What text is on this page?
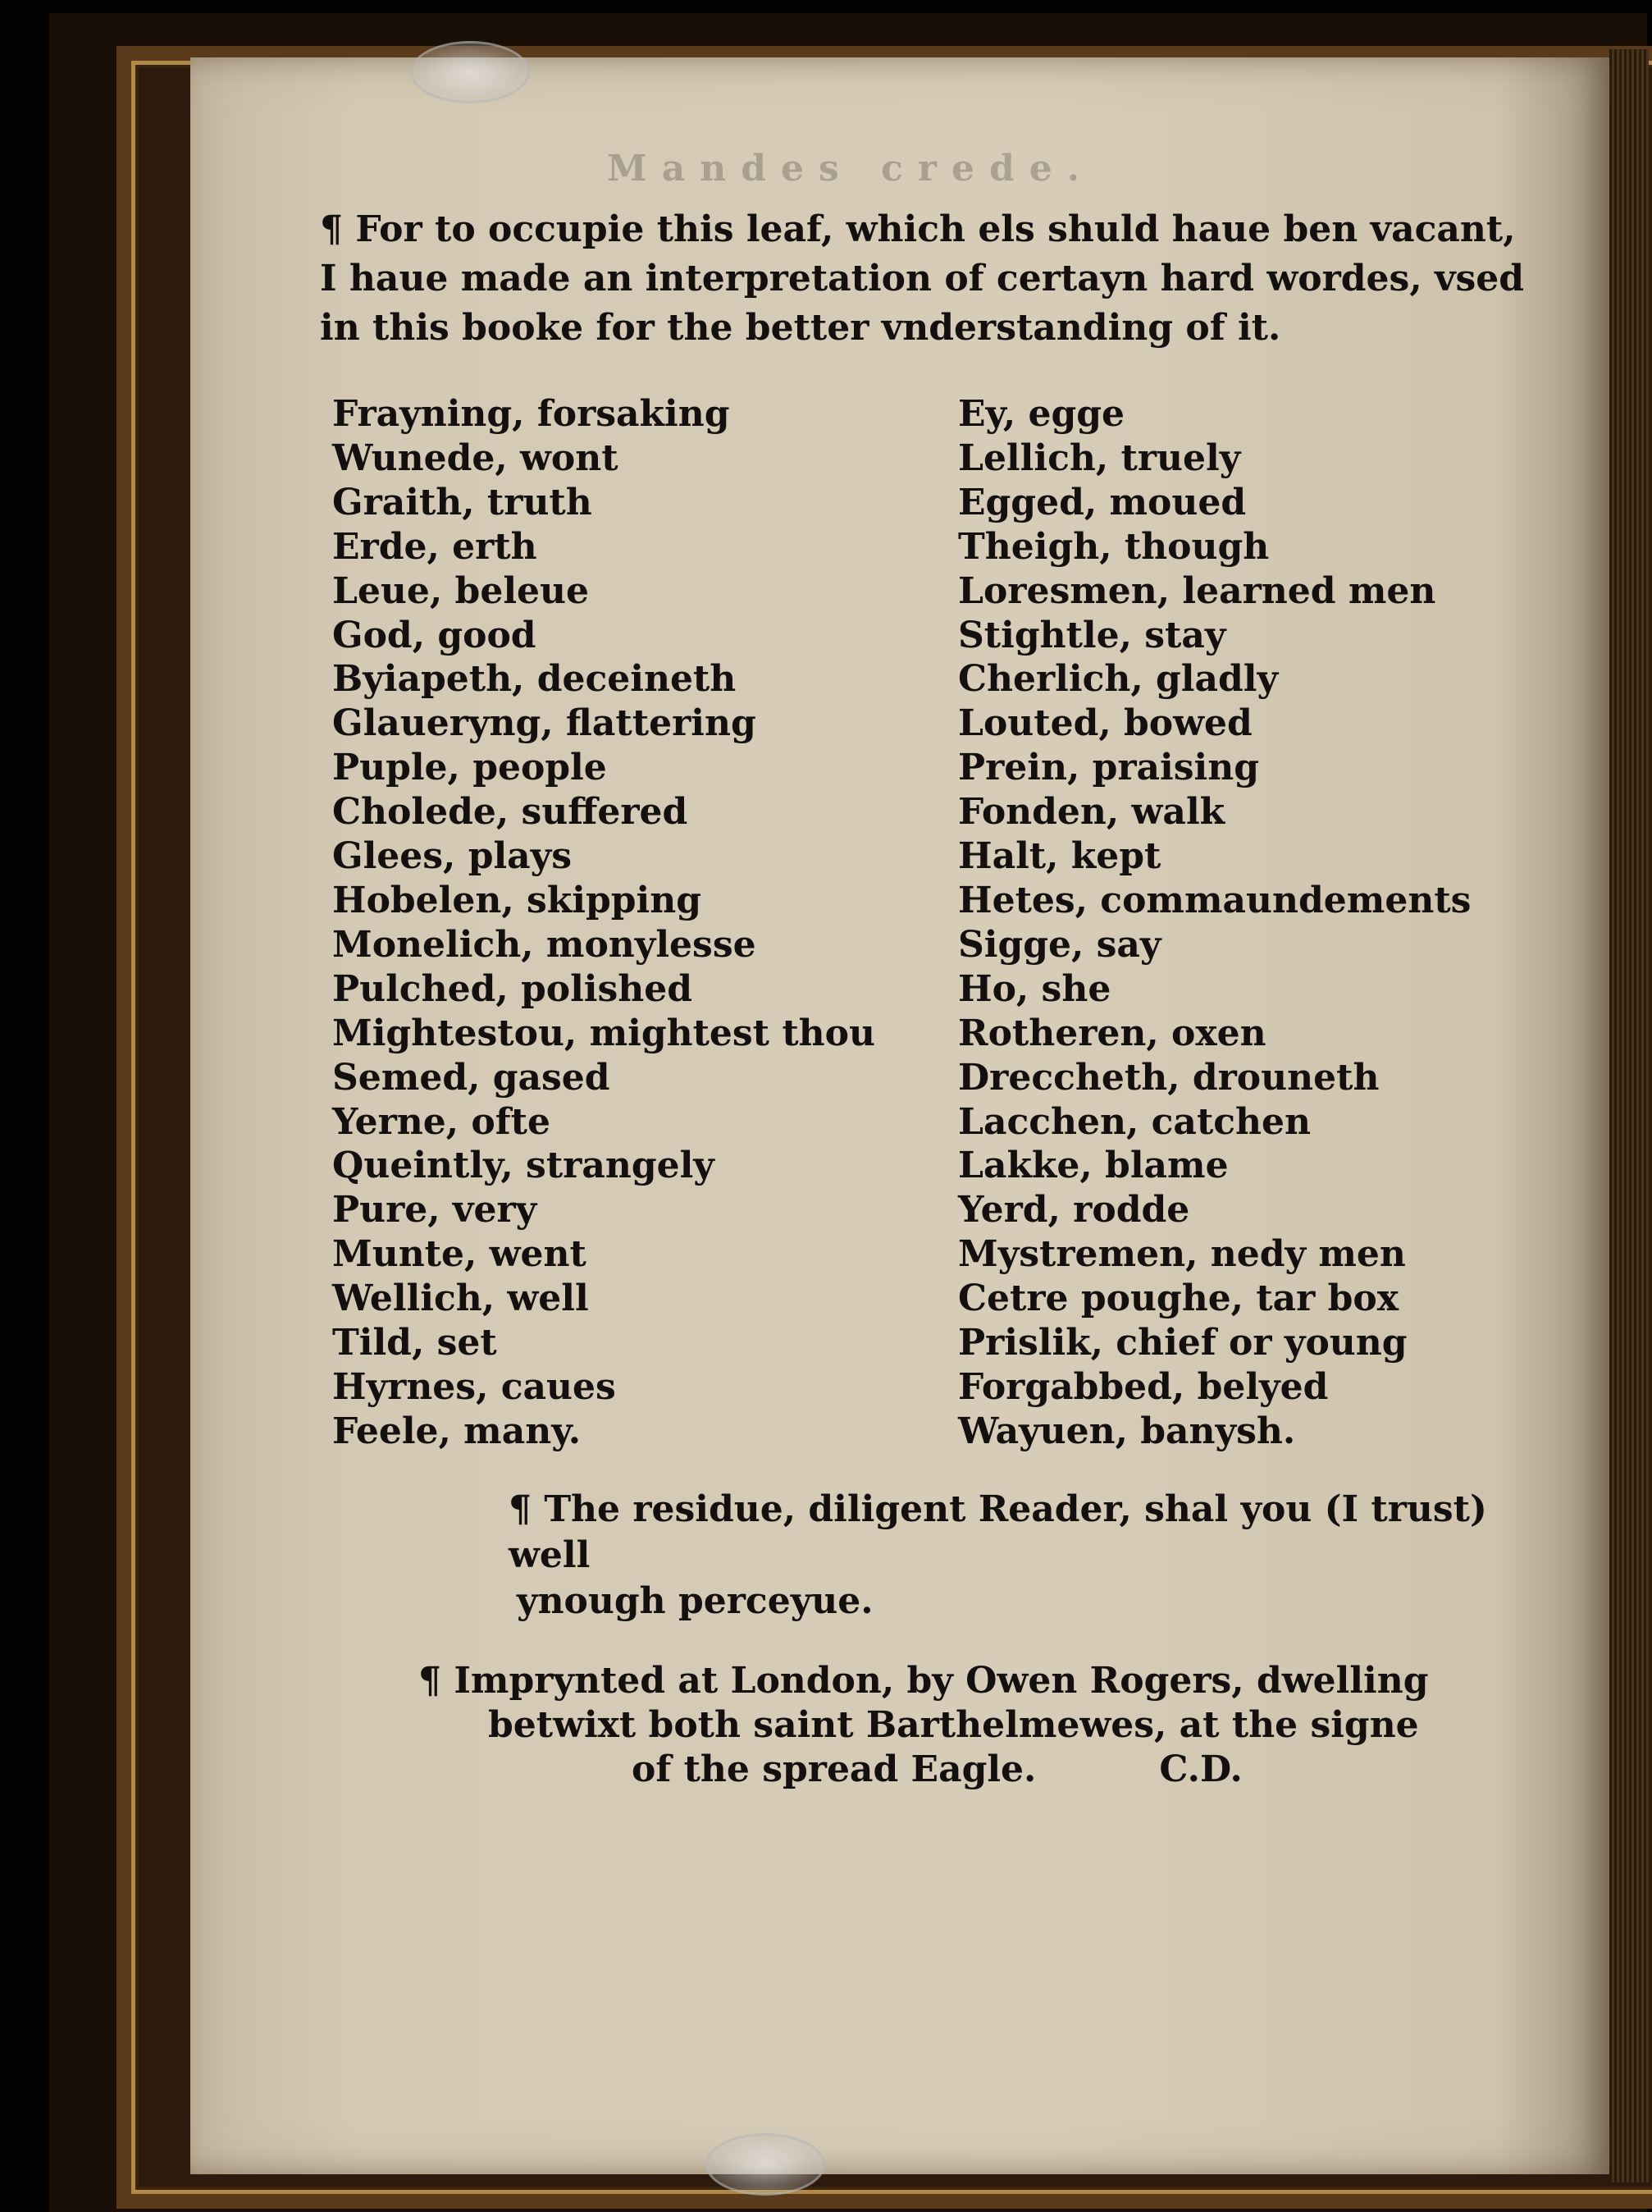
Mandes crede.
¶ For to occupie this leaf, which els shuld haue ben vacant, I haue made an interpretation of certayn hard wordes, vsed in this booke for the better vnderstanding of it.
Frayning, forsaking
Wunede, wont
Graith, truth
Erde, erth
Leue, beleue
God, good
Byiapeth, deceineth
Glaueryng, flattering
Puple, people
Cholede, suffered
Glees, plays
Hobelen, skipping
Monelich, monylesse
Pulched, polished
Mightestou, mightest thou
Semed, gased
Yerne, ofte
Queintly, strangely
Pure, very
Munte, went
Wellich, well
Tild, set
Hyrnes, caues
Feele, many.
Ey, egge
Lellich, truely
Egged, moued
Theigh, though
Loresmen, learned men
Stightle, stay
Cherlich, gladly
Louted, bowed
Prein, praising
Fonden, walk
Halt, kept
Hetes, commaundements
Sigge, say
Ho, she
Rotheren, oxen
Dreccheth, drouneth
Lacchen, catchen
Lakke, blame
Yerd, rodde
Mystremen, nedy men
Cetre poughe, tar box
Prislik, chief or young
Forgabbed, belyed
Wayuen, banysh.
¶ The residue, diligent Reader, shal you (I trust) well
ynough perceyue.
¶ Imprynted at London, by Owen Rogers, dwelling
betwixt both saint Barthelmewes, at the signe
of the spread Eagle.	C.D.
